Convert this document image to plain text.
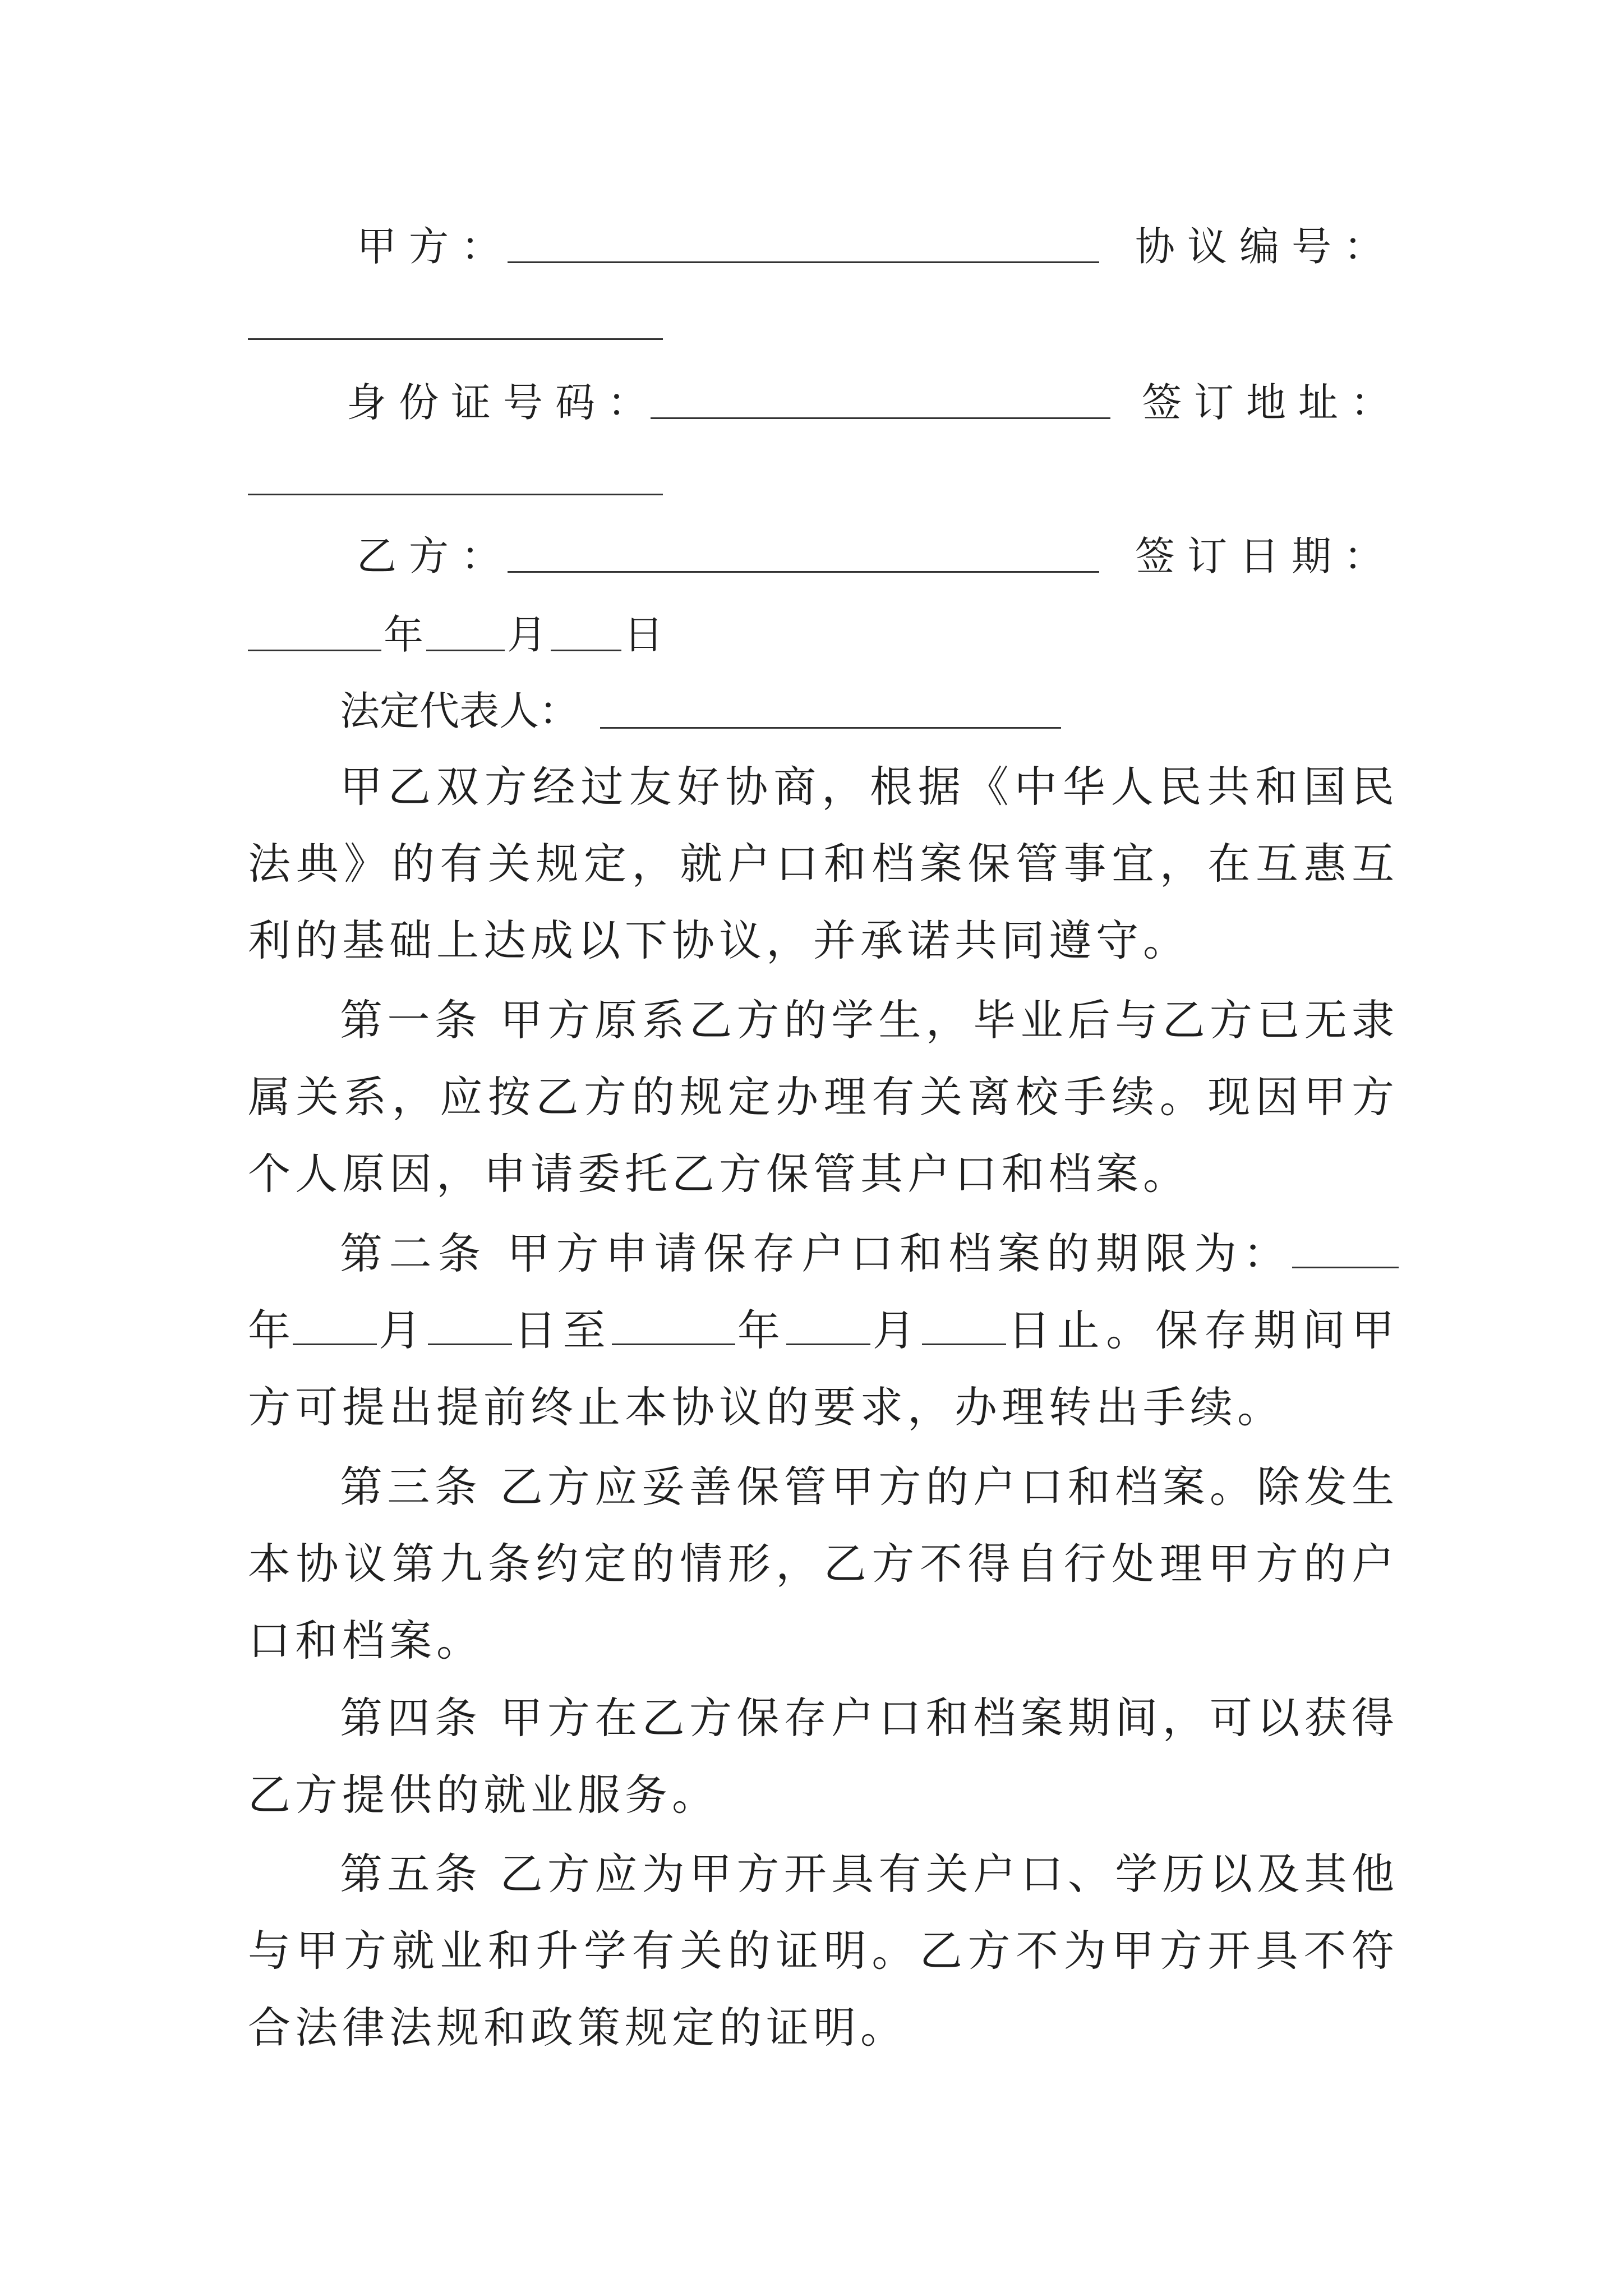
甲方：	协议编号：
身份证号码：	签订地址：
乙方：	签订日期：
年 月 日
法定代表人：

甲乙双方经过友好协商，根据《中华人民共和国民法典》的有关规定，就户口和档案保管事宜，在互惠互利的基础上达成以下协议，并承诺共同遵守。

第一条 甲方原系乙方的学生，毕业后与乙方已无隶属关系，应按乙方的规定办理有关离校手续。现因甲方个人原因，申请委托乙方保管其户口和档案。

第二条 甲方申请保存户口和档案的期限为：年 月 日至	年 月 日止。保存期间甲方可提出提前终止本协议的要求，办理转出手续。

第三条 乙方应妥善保管甲方的户口和档案。除发生本协议第九条约定的情形，乙方不得自行处理甲方的户口和档案。

第四条 甲方在乙方保存户口和档案期间，可以获得乙方提供的就业服务。

第五条 乙方应为甲方开具有关户口、学历以及其他与甲方就业和升学有关的证明。乙方不为甲方开具不符合法律法规和政策规定的证明。
